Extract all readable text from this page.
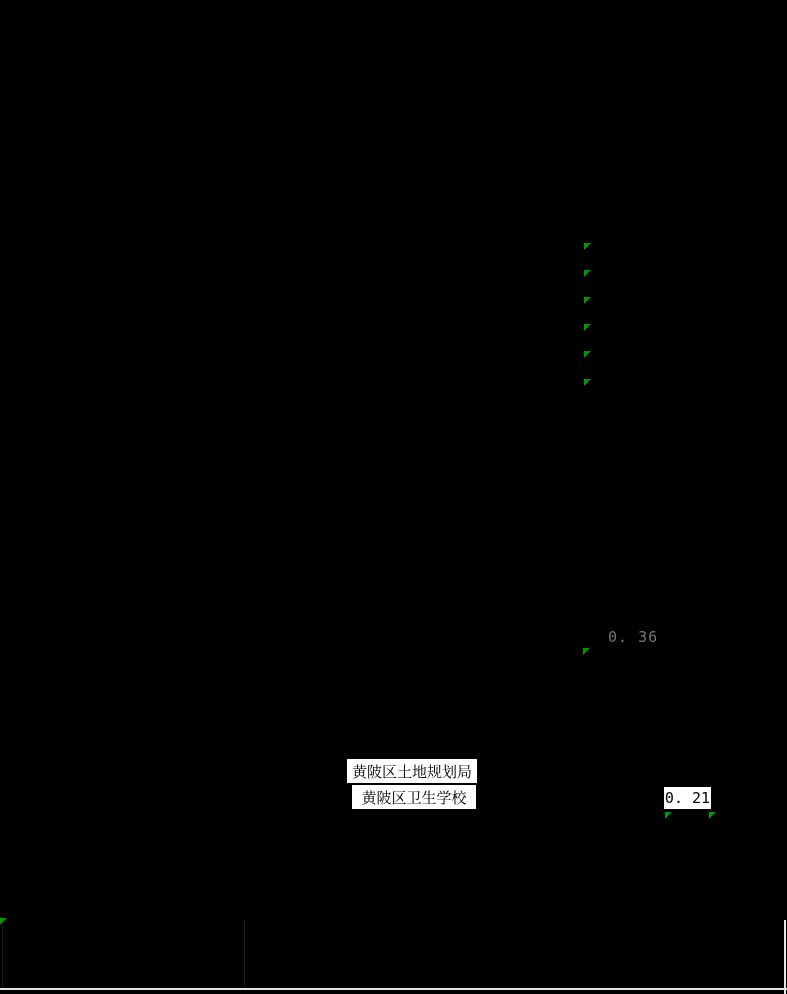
0. 36
黄陂区土地规划局
黄陂区卫生学校	0. 21
